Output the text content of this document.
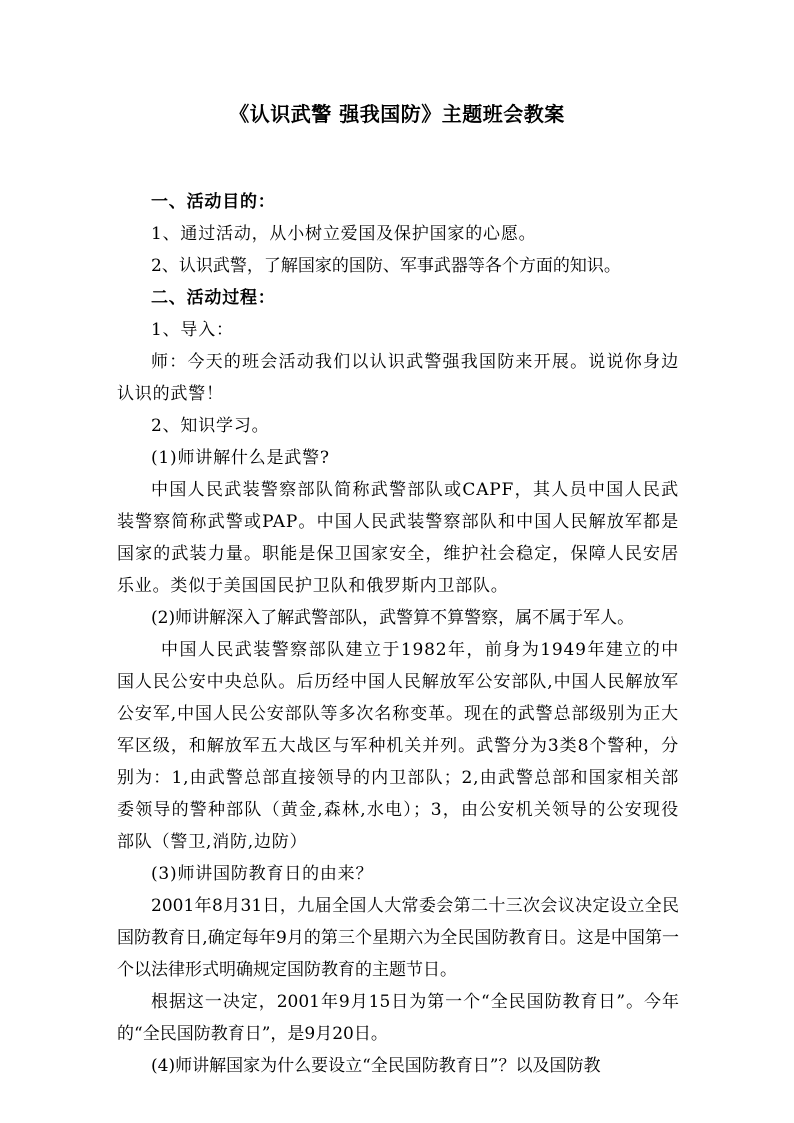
《认识武警 强我国防》主题班会教案

一、活动目的：

1、通过活动，从小树立爱国及保护国家的心愿。

2、认识武警，了解国家的国防、军事武器等各个方面的知识。

二、活动过程：

1、导入：

师：今天的班会活动我们以认识武警强我国防来开展。说说你身边认识的武警！

2、知识学习。

(1)师讲解什么是武警?

中国人民武装警察部队简称武警部队或CAPF，其人员中国人民武装警察简称武警或PAP。中国人民武装警察部队和中国人民解放军都是国家的武装力量。职能是保卫国家安全，维护社会稳定，保障人民安居乐业。类似于美国国民护卫队和俄罗斯内卫部队。

(2)师讲解深入了解武警部队，武警算不算警察，属不属于军人。

中国人民武装警察部队建立于1982年，前身为1949年建立的中国人民公安中央总队。后历经中国人民解放军公安部队,中国人民解放军公安军,中国人民公安部队等多次名称变革。现在的武警总部级别为正大军区级，和解放军五大战区与军种机关并列。武警分为3类8个警种，分别为：1,由武警总部直接领导的内卫部队；2,由武警总部和国家相关部委领导的警种部队（黄金,森林,水电）；3，由公安机关领导的公安现役部队（警卫,消防,边防）

(3)师讲国防教育日的由来？

2001年8月31日，九届全国人大常委会第二十三次会议决定设立全民国防教育日,确定每年9月的第三个星期六为全民国防教育日。这是中国第一个以法律形式明确规定国防教育的主题节日。

根据这一决定，2001年9月15日为第一个“全民国防教育日”。今年的“全民国防教育日”，是9月20日。

(4)师讲解国家为什么要设立“全民国防教育日”？以及国防教
